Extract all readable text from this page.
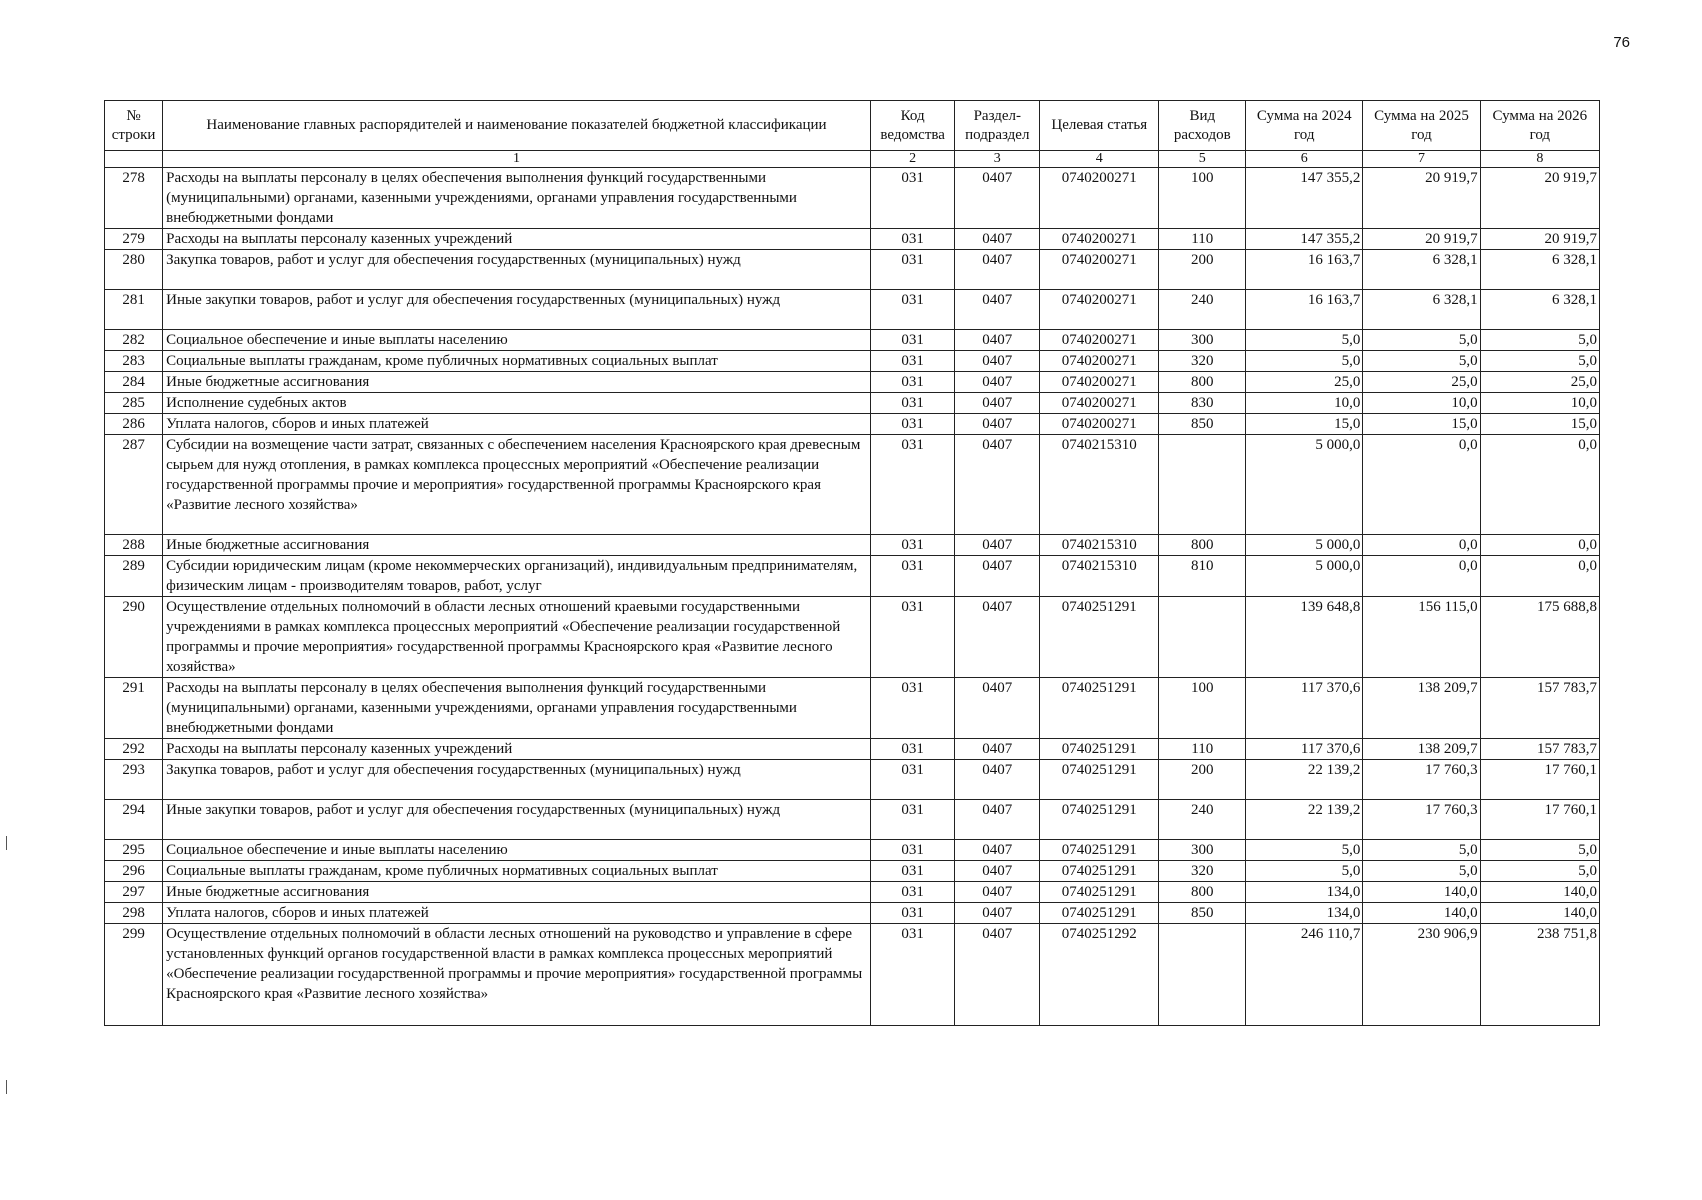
76
№ строки	Наименование главных распорядителей и наименование показателей бюджетной классификации	Код ведомства	Раздел-подраздел	Целевая статья	Вид расходов	Сумма на 2024 год	Сумма на 2025 год	Сумма на 2026 год
	1	2	3	4	5	6	7	8
278	Расходы на выплаты персоналу в целях обеспечения выполнения функций государственными (муниципальными) органами, казенными учреждениями, органами управления государственными внебюджетными фондами	031	0407	0740200271	100	147 355,2	20 919,7	20 919,7
279	Расходы на выплаты персоналу казенных учреждений	031	0407	0740200271	110	147 355,2	20 919,7	20 919,7
280	Закупка товаров, работ и услуг для обеспечения государственных (муниципальных) нужд	031	0407	0740200271	200	16 163,7	6 328,1	6 328,1
281	Иные закупки товаров, работ и услуг для обеспечения государственных (муниципальных) нужд	031	0407	0740200271	240	16 163,7	6 328,1	6 328,1
282	Социальное обеспечение и иные выплаты населению	031	0407	0740200271	300	5,0	5,0	5,0
283	Социальные выплаты гражданам, кроме публичных нормативных социальных выплат	031	0407	0740200271	320	5,0	5,0	5,0
284	Иные бюджетные ассигнования	031	0407	0740200271	800	25,0	25,0	25,0
285	Исполнение судебных актов	031	0407	0740200271	830	10,0	10,0	10,0
286	Уплата налогов, сборов и иных платежей	031	0407	0740200271	850	15,0	15,0	15,0
287	Субсидии на возмещение части затрат, связанных с обеспечением населения Красноярского края древесным сырьем для нужд отопления, в рамках комплекса процессных мероприятий «Обеспечение реализации государственной программы прочие и мероприятия» государственной программы Красноярского края «Развитие лесного хозяйства»	031	0407	0740215310		5 000,0	0,0	0,0
288	Иные бюджетные ассигнования	031	0407	0740215310	800	5 000,0	0,0	0,0
289	Субсидии юридическим лицам (кроме некоммерческих организаций), индивидуальным предпринимателям, физическим лицам - производителям товаров, работ, услуг	031	0407	0740215310	810	5 000,0	0,0	0,0
290	Осуществление отдельных полномочий в области лесных отношений краевыми государственными учреждениями в рамках комплекса процессных мероприятий «Обеспечение реализации государственной программы и прочие мероприятия» государственной программы Красноярского края «Развитие лесного хозяйства»	031	0407	0740251291		139 648,8	156 115,0	175 688,8
291	Расходы на выплаты персоналу в целях обеспечения выполнения функций государственными (муниципальными) органами, казенными учреждениями, органами управления государственными внебюджетными фондами	031	0407	0740251291	100	117 370,6	138 209,7	157 783,7
292	Расходы на выплаты персоналу казенных учреждений	031	0407	0740251291	110	117 370,6	138 209,7	157 783,7
293	Закупка товаров, работ и услуг для обеспечения государственных (муниципальных) нужд	031	0407	0740251291	200	22 139,2	17 760,3	17 760,1
294	Иные закупки товаров, работ и услуг для обеспечения государственных (муниципальных) нужд	031	0407	0740251291	240	22 139,2	17 760,3	17 760,1
295	Социальное обеспечение и иные выплаты населению	031	0407	0740251291	300	5,0	5,0	5,0
296	Социальные выплаты гражданам, кроме публичных нормативных социальных выплат	031	0407	0740251291	320	5,0	5,0	5,0
297	Иные бюджетные ассигнования	031	0407	0740251291	800	134,0	140,0	140,0
298	Уплата налогов, сборов и иных платежей	031	0407	0740251291	850	134,0	140,0	140,0
299	Осуществление отдельных полномочий в области лесных отношений на руководство и управление в сфере установленных функций органов государственной власти в рамках комплекса процессных мероприятий «Обеспечение реализации государственной программы и прочие мероприятия» государственной программы Красноярского края «Развитие лесного хозяйства»	031	0407	0740251292		246 110,7	230 906,9	238 751,8
